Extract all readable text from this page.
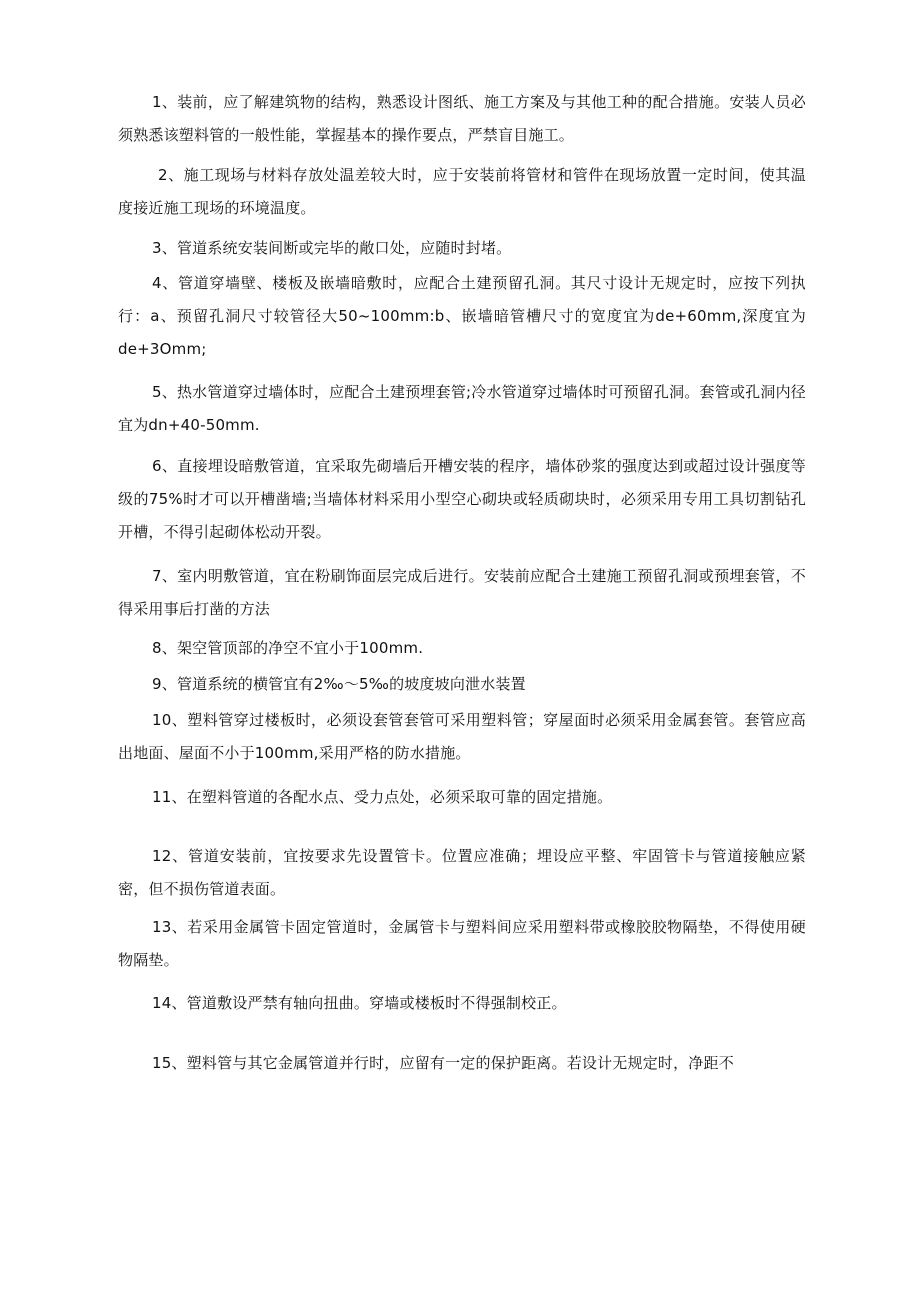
1、装前，应了解建筑物的结构，熟悉设计图纸、施工方案及与其他工种的配合措施。安装人员必须熟悉该塑料管的一般性能，掌握基本的操作要点，严禁盲目施工。

2、施工现场与材料存放处温差较大时，应于安装前将管材和管件在现场放置一定时间，使其温度接近施工现场的环境温度。

3、管道系统安装间断或完毕的敞口处，应随时封堵。

4、管道穿墙壁、楼板及嵌墙暗敷时，应配合土建预留孔洞。其尺寸设计无规定时，应按下列执行：a、预留孔洞尺寸较管径大50~100mm:b、嵌墙暗管槽尺寸的宽度宜为de+60mm,深度宜为de+3Omm;

5、热水管道穿过墙体时，应配合土建预埋套管;冷水管道穿过墙体时可预留孔洞。套管或孔洞内径宜为dn+40-50mm.

6、直接埋设暗敷管道，宜采取先砌墙后开槽安装的程序，墙体砂浆的强度达到或超过设计强度等级的75%时才可以开槽凿墙;当墙体材料采用小型空心砌块或轻质砌块时，必须采用专用工具切割钻孔开槽，不得引起砌体松动开裂。

7、室内明敷管道，宜在粉刷饰面层完成后进行。安装前应配合土建施工预留孔洞或预埋套管，不得采用事后打凿的方法

8、架空管顶部的净空不宜小于100mm.

9、管道系统的横管宜有2‰～5‰的坡度坡向泄水装置

10、塑料管穿过楼板时，必须设套管套管可采用塑料管；穿屋面时必须采用金属套管。套管应高出地面、屋面不小于100mm,采用严格的防水措施。

11、在塑料管道的各配水点、受力点处，必须采取可靠的固定措施。

12、管道安装前，宜按要求先设置管卡。位置应准确；埋设应平整、牢固管卡与管道接触应紧密，但不损伤管道表面。

13、若采用金属管卡固定管道时，金属管卡与塑料间应采用塑料带或橡胶胶物隔垫，不得使用硬物隔垫。

14、管道敷设严禁有轴向扭曲。穿墙或楼板时不得强制校正。

15、塑料管与其它金属管道并行时，应留有一定的保护距离。若设计无规定时，净距不
